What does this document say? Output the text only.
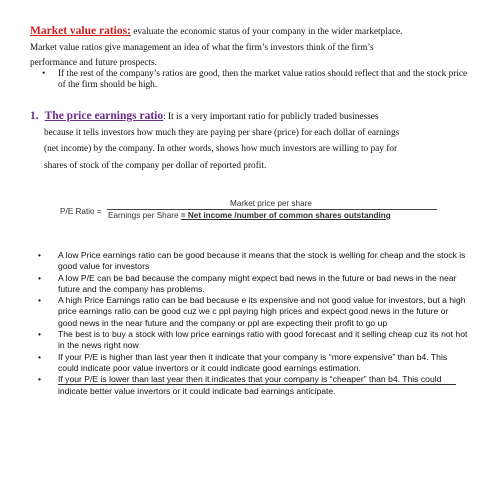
Market value ratios: evaluate the economic status of your company in the wider marketplace.
Market value ratios give management an idea of what the firm’s investors think of the firm’s
performance and future prospects.
• If the rest of the company’s ratios are good, then the market value ratios should reflect that and the stock price of the firm should be high.
1. The price earnings ratio: It is a very important ratio for publicly traded businesses
because it tells investors how much they are paying per share (price) for each dollar of earnings
(net income) by the company. In other words, shows how much investors are willing to pay for
shares of stock of the company per dollar of reported profit.
P/E Ratio =
Market price per share
Earnings per Share = Net income /number of common shares outstanding
• A low Price earnings ratio can be good because it means that the stock is welling for cheap and the stock is good value for investors
• A low P/E can be bad because the company might expect bad news in the future or bad news in the near future and the company has problems.
• A high Price Earnings ratio can be bad because e its expensive and not good value for investors, but a high price earnings ratio can be good cuz we c ppl paying high prices and expect good news in the future or good news in the near future and the company or ppl are expecting their profit to go up
• The best is to buy a stock with low price earnings ratio with good forecast and it selling cheap cuz its not hot in the news right now
• If your P/E is higher than last year then it indicate that your company is “more expensive” than b4. This could indicate poor value invertors or it could indicate good earnings estimation.
• If your P/E is lower than last year then it indicates that your company is “cheaper” than b4. This could indicate better value invertors or it could indicate bad earnings anticipate.
